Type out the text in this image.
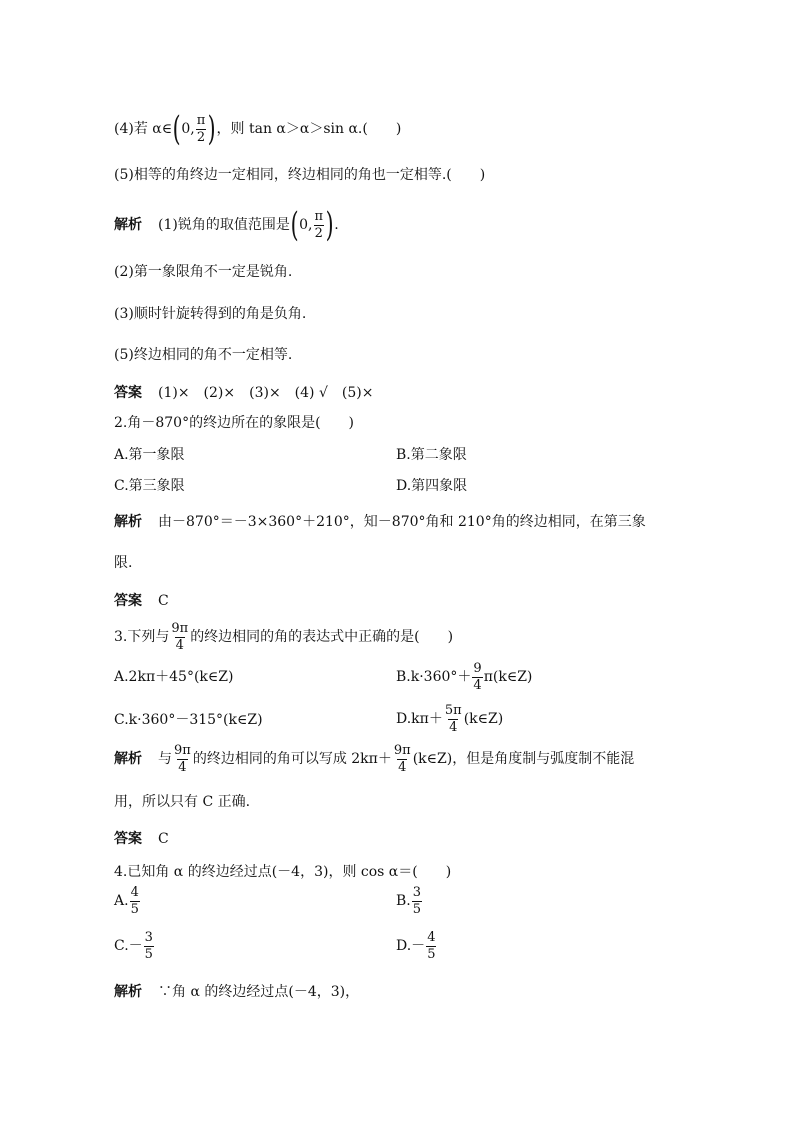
(4)若 α∈ ( 0, $\frac{\pi}{2}$ ) ，则 tan α＞α＞sin α.(　　)
(5)相等的角终边一定相同，终边相同的角也一定相等.(　　)
解析 (1)锐角的取值范围是 ( 0, $\frac{\pi}{2}$ ) .
(2)第一象限角不一定是锐角.
(3)顺时针旋转得到的角是负角.
(5)终边相同的角不一定相等.
答案 (1)×　(2)×　(3)×　(4) √　(5)×
2.角－870°的终边所在的象限是(　　)
A.第一象限	B.第二象限
C.第三象限	D.第四象限
解析 由－870°＝－3×360°＋210°，知－870°角和 210°角的终边相同，在第三象
限.
答案 C
3.下列与 $\frac{9\pi}{4}$ 的终边相同的角的表达式中正确的是(　　)
A.2kπ＋45°(k∈Z)	$B.k\cdot 360^\circ+ \frac{9}{4}$ π(k∈Z)
C.k·360°－315°(k∈Z)	$D.k\pi+ \frac{5\pi}{4}$ (k∈Z)
解析 与 $\frac{9\pi}{4}$ 的终边相同的角可以写成 $2k\pi+ \frac{9\pi}{4}$ (k∈Z)，但是角度制与弧度制不能混
用，所以只有 C 正确.
答案 C
4.已知角 α 的终边经过点(－4，3)，则 cos α＝(　　)
A. $\frac{4}{5}$	B. $\frac{3}{5}$
$C.- \frac{3}{5}$	$D.- \frac{4}{5}$
解析 ∵角 α 的终边经过点(－4，3)，
